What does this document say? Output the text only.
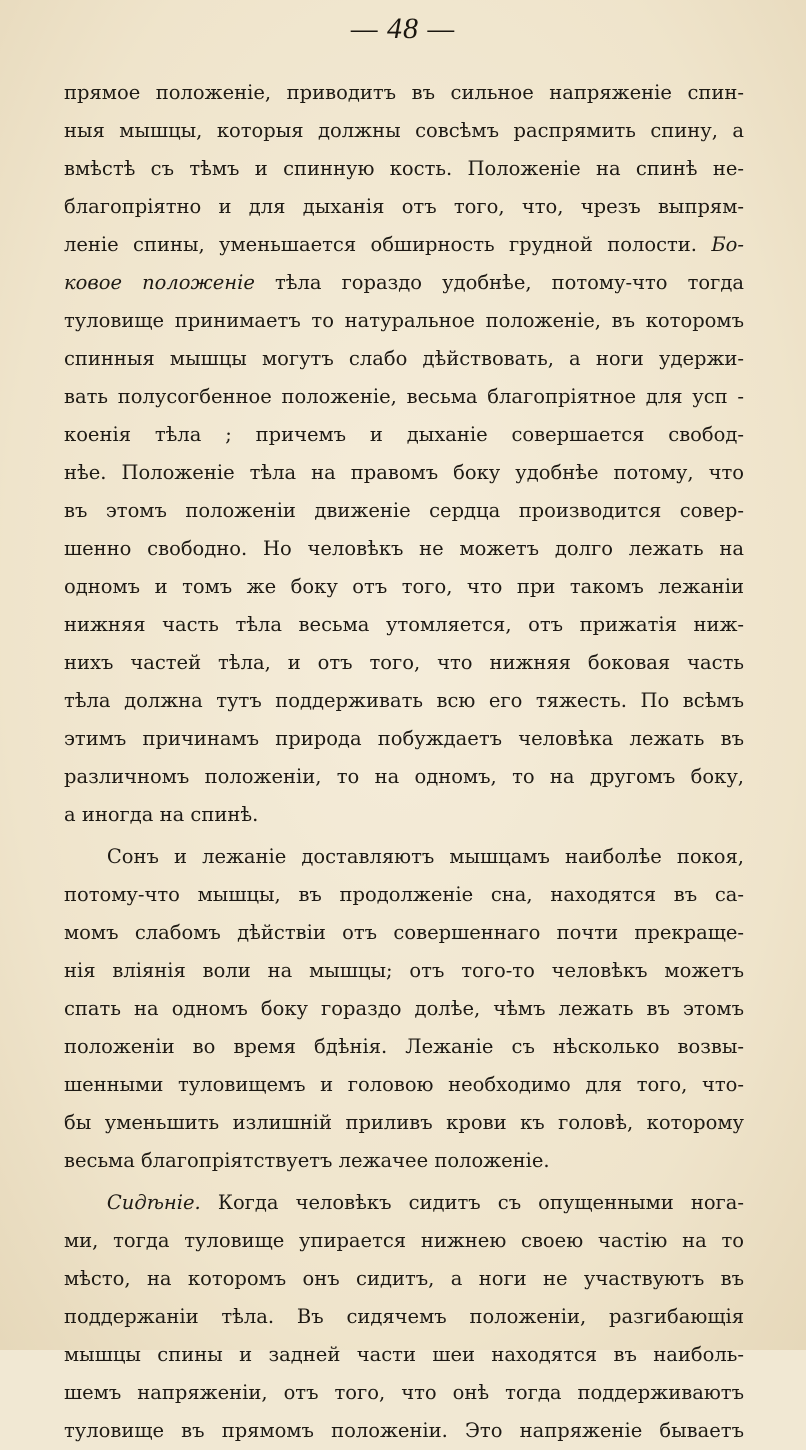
— 48 —
прямое положеніе, приводитъ въ сильное напряженіе спин-
ныя мышцы, которыя должны совсѣмъ распрямить спину, а
вмѣстѣ съ тѣмъ и спинную кость. Положеніе на спинѣ не-
благопріятно и для дыханія отъ того, что, чрезъ выпрям-
леніе спины, уменьшается обширность грудной полости. Бо-
ковое положеніе тѣла гораздо удобнѣе, потому-что тогда
туловище принимаетъ то натуральное положеніе, въ которомъ
спинныя мышцы могутъ слабо дѣйствовать, а ноги удержи-
вать полусогбенное положеніе, весьма благопріятное для усп -
коенія тѣла ; причемъ и дыханіе совершается свобод-
нѣе. Положеніе тѣла на правомъ боку удобнѣе потому, что
въ этомъ положеніи движеніе сердца производится совер-
шенно свободно. Но человѣкъ не можетъ долго лежать на
одномъ и томъ же боку отъ того, что при такомъ лежаніи
нижняя часть тѣла весьма утомляется, отъ прижатія ниж-
нихъ частей тѣла, и отъ того, что нижняя боковая часть
тѣла должна тутъ поддерживать всю его тяжесть. По всѣмъ
этимъ причинамъ природа побуждаетъ человѣка лежать въ
различномъ положеніи, то на одномъ, то на другомъ боку,
а иногда на спинѣ.
Сонъ и лежаніе доставляютъ мышцамъ наиболѣе покоя,
потому-что мышцы, въ продолженіе сна, находятся въ са-
момъ слабомъ дѣйствіи отъ совершеннаго почти прекраще-
нія вліянія воли на мышцы; отъ того-то человѣкъ можетъ
спать на одномъ боку гораздо долѣе, чѣмъ лежать въ этомъ
положеніи во время бдѣнія. Лежаніе съ нѣсколько возвы-
шенными туловищемъ и головою необходимо для того, что-
бы уменьшить излишній приливъ крови къ головѣ, которому
весьма благопріятствуетъ лежачее положеніе.
Сидѣніе. Когда человѣкъ сидитъ съ опущенными нога-
ми, тогда туловище упирается нижнею своею частію на то
мѣсто, на которомъ онъ сидитъ, а ноги не участвуютъ въ
поддержаніи тѣла. Въ сидячемъ положеніи, разгибающія
мышцы спины и задней части шеи находятся въ наиболь-
шемъ напряженіи, отъ того, что онѣ тогда поддерживаютъ
туловище въ прямомъ положеніи. Это напряженіе бываетъ
